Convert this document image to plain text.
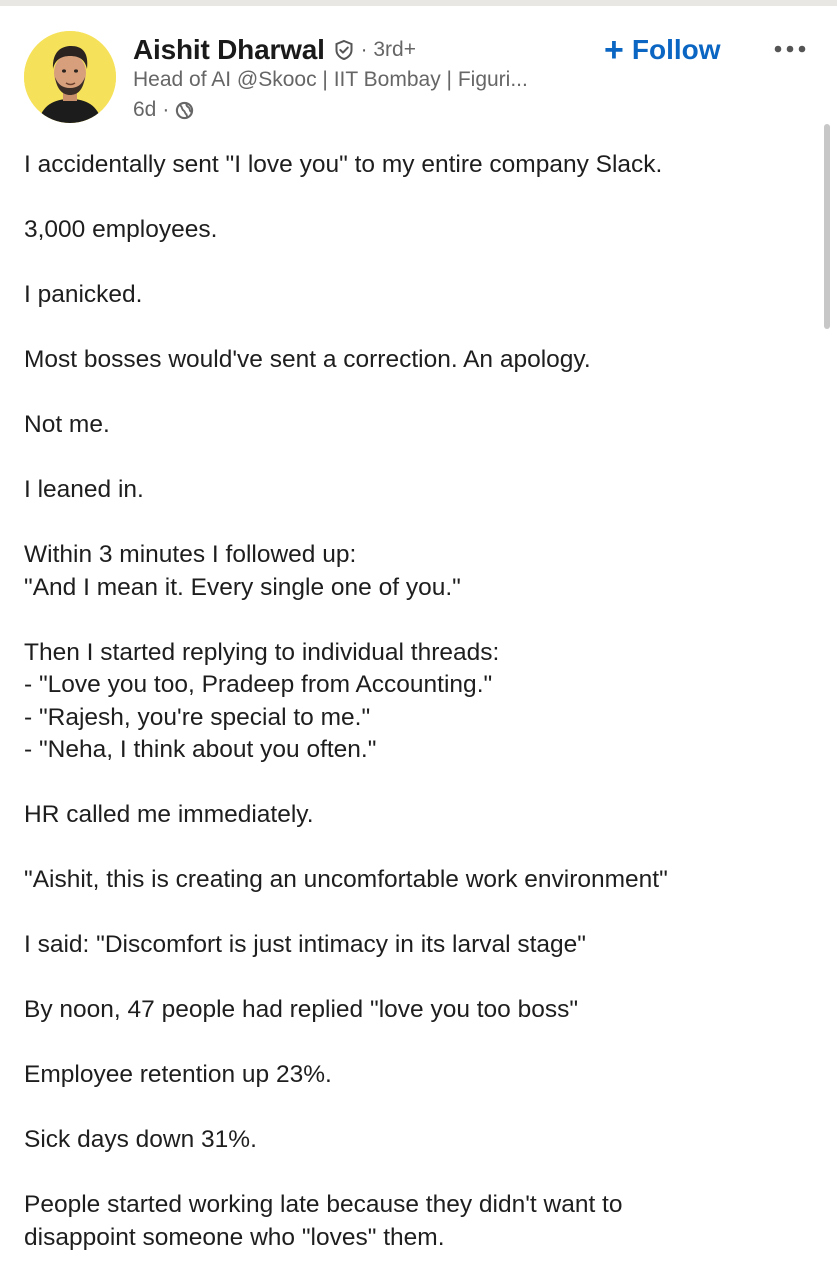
Aishit Dharwal · 3rd+
Head of AI @Skooc | IIT Bombay | Figuri...
6d ·
+ Follow
I accidentally sent "I love you" to my entire company Slack.
3,000 employees.
I panicked.
Most bosses would've sent a correction. An apology.
Not me.
I leaned in.
Within 3 minutes I followed up:
"And I mean it. Every single one of you."
Then I started replying to individual threads:
- "Love you too, Pradeep from Accounting."
- "Rajesh, you're special to me."
- "Neha, I think about you often."
HR called me immediately.
"Aishit, this is creating an uncomfortable work environment"
I said: "Discomfort is just intimacy in its larval stage"
By noon, 47 people had replied "love you too boss"
Employee retention up 23%.
Sick days down 31%.
People started working late because they didn't want to
disappoint someone who "loves" them.
